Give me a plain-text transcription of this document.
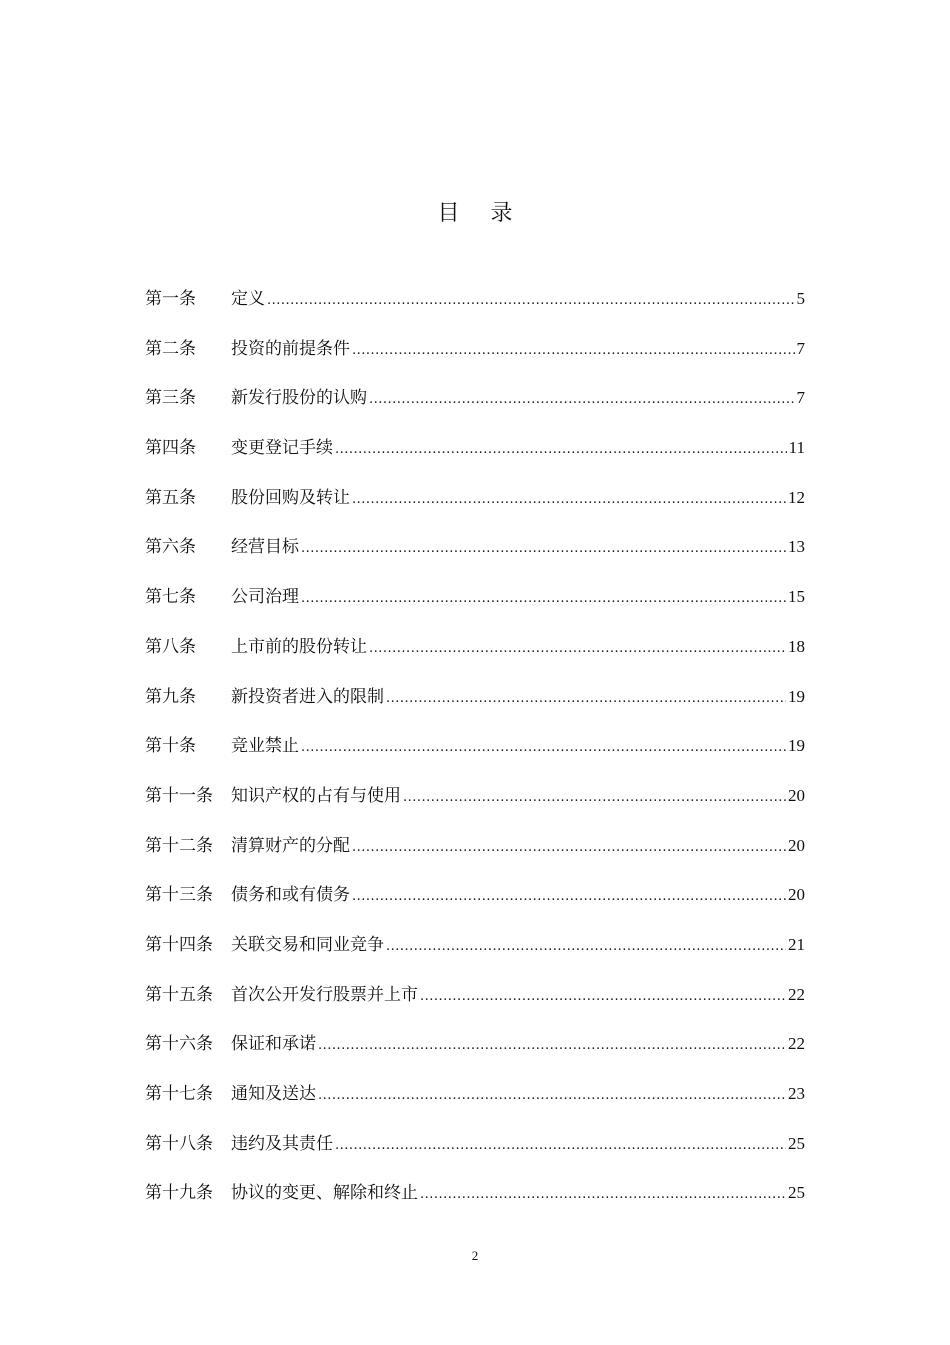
目 录
第一条	定义 .....	5
第二条	投资的前提条件 .....	7
第三条	新发行股份的认购 .....	7
第四条	变更登记手续 .....	11
第五条	股份回购及转让 .....	12
第六条	经营目标 .....	13
第七条	公司治理 .....	15
第八条	上市前的股份转让 .....	18
第九条	新投资者进入的限制 .....	19
第十条	竞业禁止 .....	19
第十一条	知识产权的占有与使用 .....	20
第十二条	清算财产的分配 .....	20
第十三条	债务和或有债务 .....	20
第十四条	关联交易和同业竞争 .....	21
第十五条	首次公开发行股票并上市 .....	22
第十六条	保证和承诺 .....	22
第十七条	通知及送达 .....	23
第十八条	违约及其责任 .....	25
第十九条	协议的变更、解除和终止 .....	25
2
